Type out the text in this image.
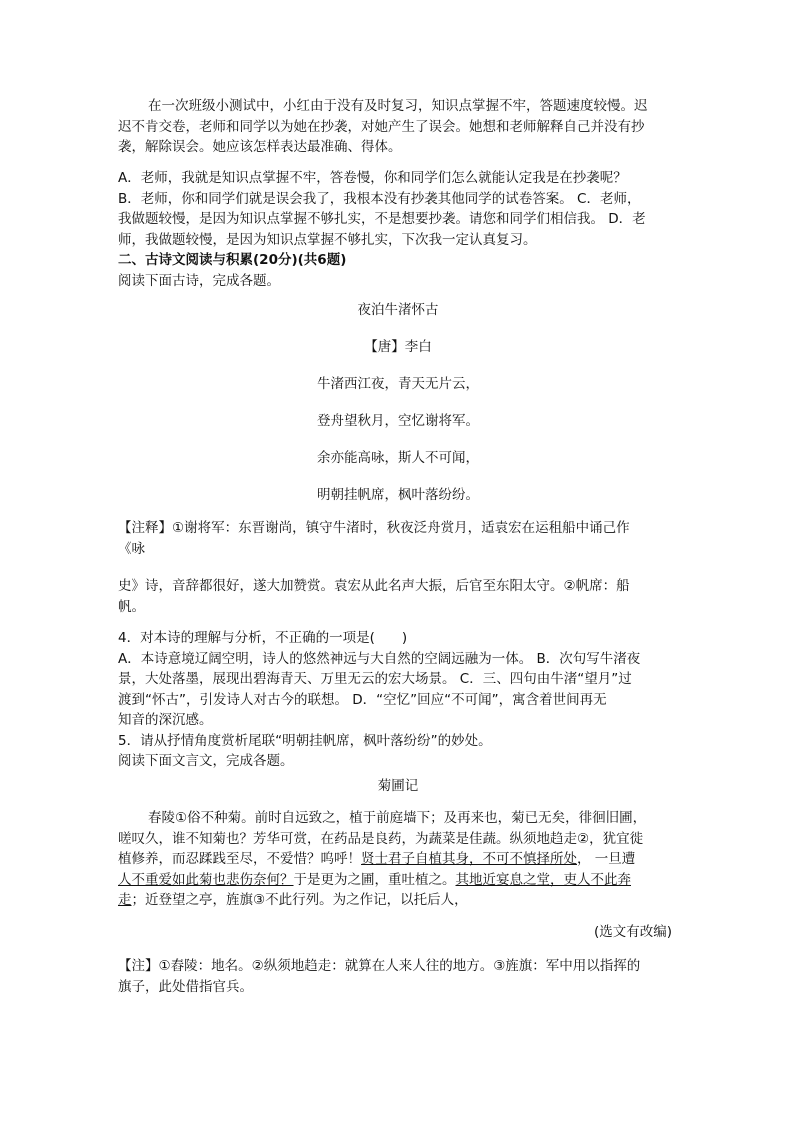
在一次班级小测试中，小红由于没有及时复习，知识点掌握不牢，答题速度较慢。迟
迟不肯交卷，老师和同学以为她在抄袭，对她产生了误会。她想和老师解释自己并没有抄
袭，解除误会。她应该怎样表达最准确、得体。
A．老师，我就是知识点掌握不牢，答卷慢，你和同学们怎么就能认定我是在抄袭呢？
B．老师，你和同学们就是误会我了，我根本没有抄袭其他同学的试卷答案。 C．老师，
我做题较慢，是因为知识点掌握不够扎实，不是想要抄袭。请您和同学们相信我。 D．老
师，我做题较慢，是因为知识点掌握不够扎实，下次我一定认真复习。
二、古诗文阅读与积累(20分)(共6题)
阅读下面古诗，完成各题。

夜泊牛渚怀古

【唐】李白

牛渚西江夜，青天无片云，

登舟望秋月，空忆谢将军。

余亦能高咏，斯人不可闻，

明朝挂帆席，枫叶落纷纷。

【注释】①谢将军：东晋谢尚，镇守牛渚时，秋夜泛舟赏月，适袁宏在运租船中诵己作
《咏
史》诗，音辞都很好，遂大加赞赏。袁宏从此名声大振，后官至东阳太守。②帆席：船
帆。
4．对本诗的理解与分析，不正确的一项是(　　)
A．本诗意境辽阔空明，诗人的悠然神远与大自然的空阔远融为一体。 B．次句写牛渚夜
景，大处落墨，展现出碧海青天、万里无云的宏大场景。 C．三、四句由牛渚“望月”过
渡到“怀古”，引发诗人对古今的联想。 D．“空忆”回应“不可闻”，寓含着世间再无
知音的深沉感。
5．请从抒情角度赏析尾联“明朝挂帆席，枫叶落纷纷”的妙处。
阅读下面文言文，完成各题。

菊圃记

春陵①俗不种菊。前时自远致之，植于前庭墙下；及再来也，菊已无矣，徘徊旧圃，
嗟叹久，谁不知菊也？芳华可赏，在药品是良药，为蔬菜是佳蔬。纵须地趋走②，犹宜徙
植修养，而忍蹂践至尽，不爱惜？呜呼！贤士君子自植其身，不可不慎择所处， 一旦遭
人不重爱如此菊也悲伤奈何？于是更为之圃，重吐植之。其地近宴息之堂，吏人不此奔
走；近登望之亭，旌旗③不此行列。为之作记，以托后人，

(选文有改编)

【注】①舂陵：地名。②纵须地趋走：就算在人来人往的地方。③旌旗：军中用以指挥的
旗子，此处借指官兵。
